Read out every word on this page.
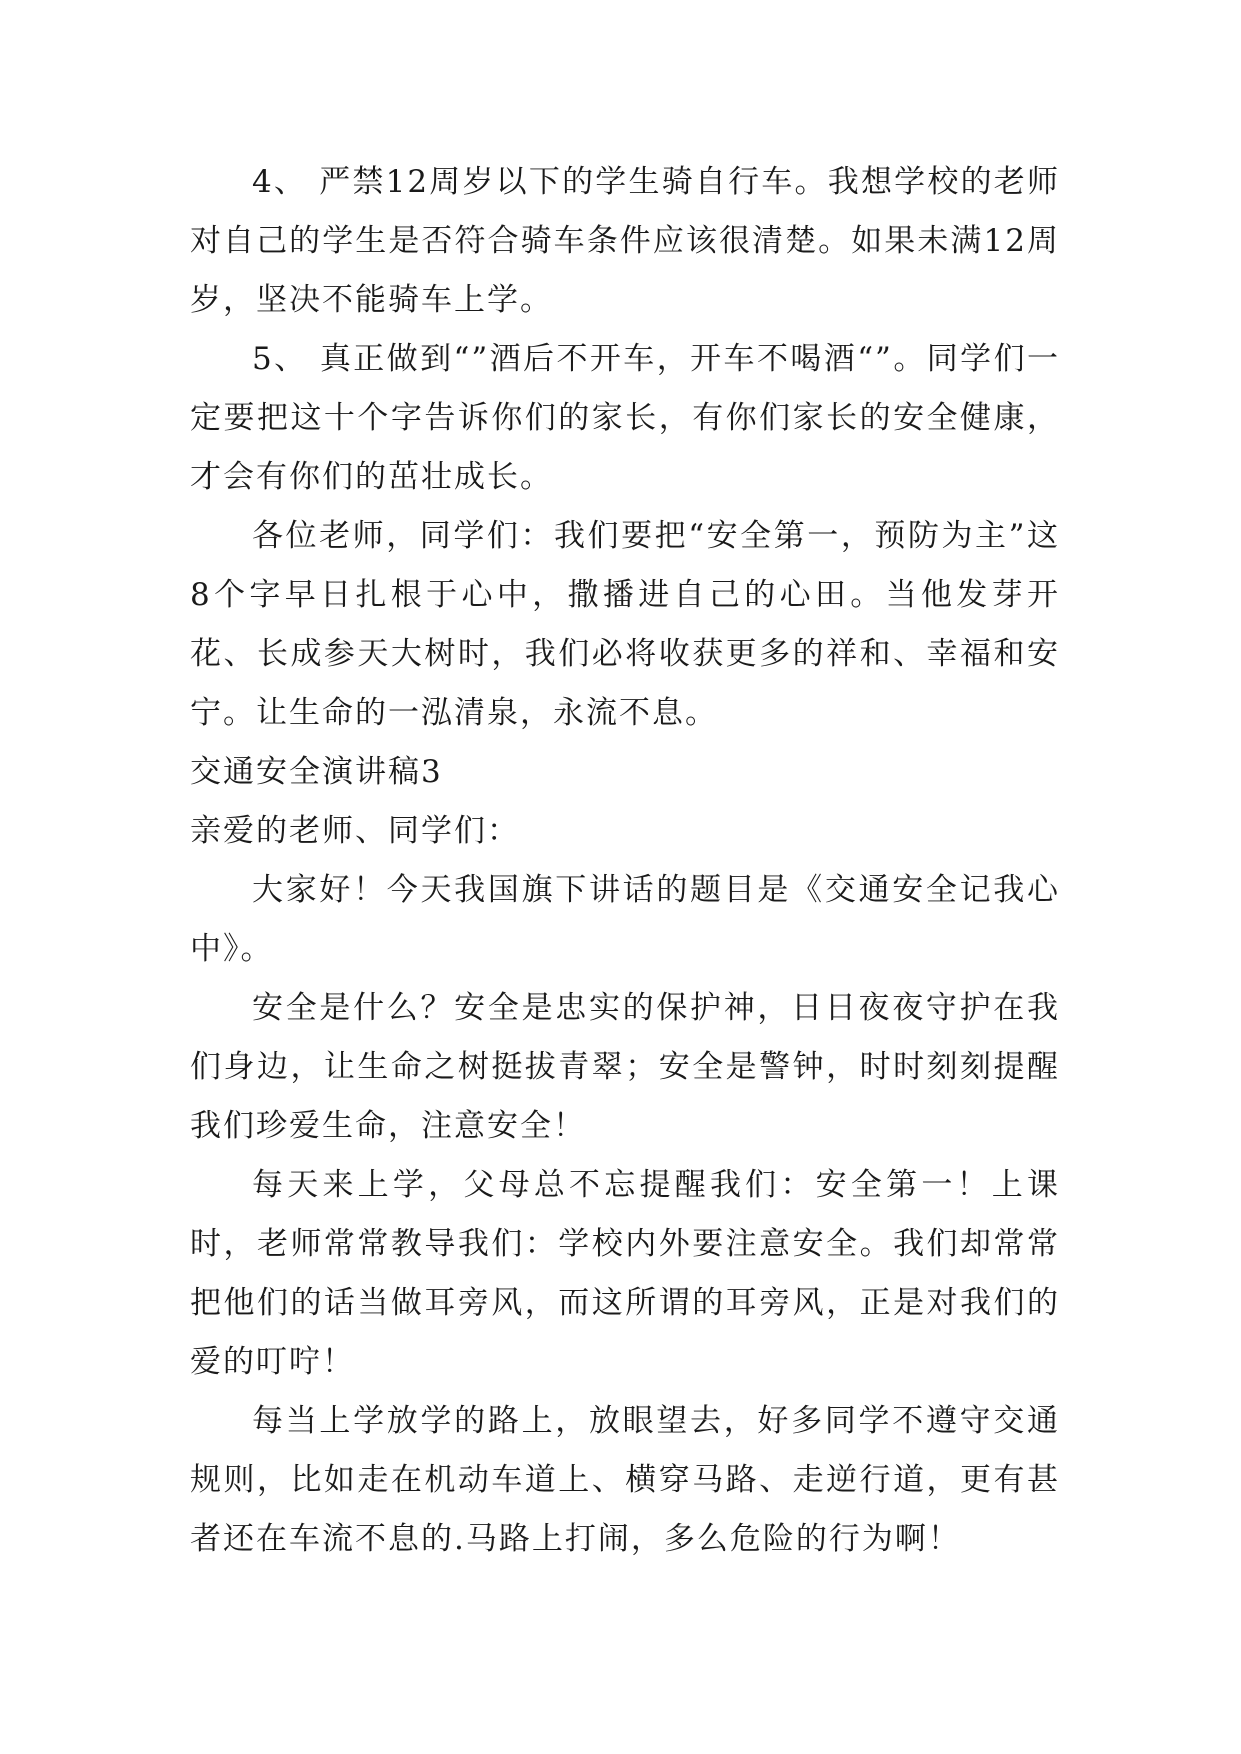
4、 严禁12周岁以下的学生骑自行车。我想学校的老师对自己的学生是否符合骑车条件应该很清楚。如果未满12周岁，坚决不能骑车上学。

5、 真正做到“”酒后不开车，开车不喝酒“”。同学们一定要把这十个字告诉你们的家长，有你们家长的安全健康，才会有你们的茁壮成长。

各位老师，同学们：我们要把“安全第一，预防为主”这8个字早日扎根于心中，撒播进自己的心田。当他发芽开花、长成参天大树时，我们必将收获更多的祥和、幸福和安宁。让生命的一泓清泉，永流不息。

交通安全演讲稿3

亲爱的老师、同学们：

大家好！今天我国旗下讲话的题目是《交通安全记我心中》。

安全是什么？安全是忠实的保护神，日日夜夜守护在我们身边，让生命之树挺拔青翠；安全是警钟，时时刻刻提醒我们珍爱生命，注意安全！

每天来上学，父母总不忘提醒我们：安全第一！上课时，老师常常教导我们：学校内外要注意安全。我们却常常把他们的话当做耳旁风，而这所谓的耳旁风，正是对我们的爱的叮咛！

每当上学放学的路上，放眼望去，好多同学不遵守交通规则，比如走在机动车道上、横穿马路、走逆行道，更有甚者还在车流不息的.马路上打闹，多么危险的行为啊！
